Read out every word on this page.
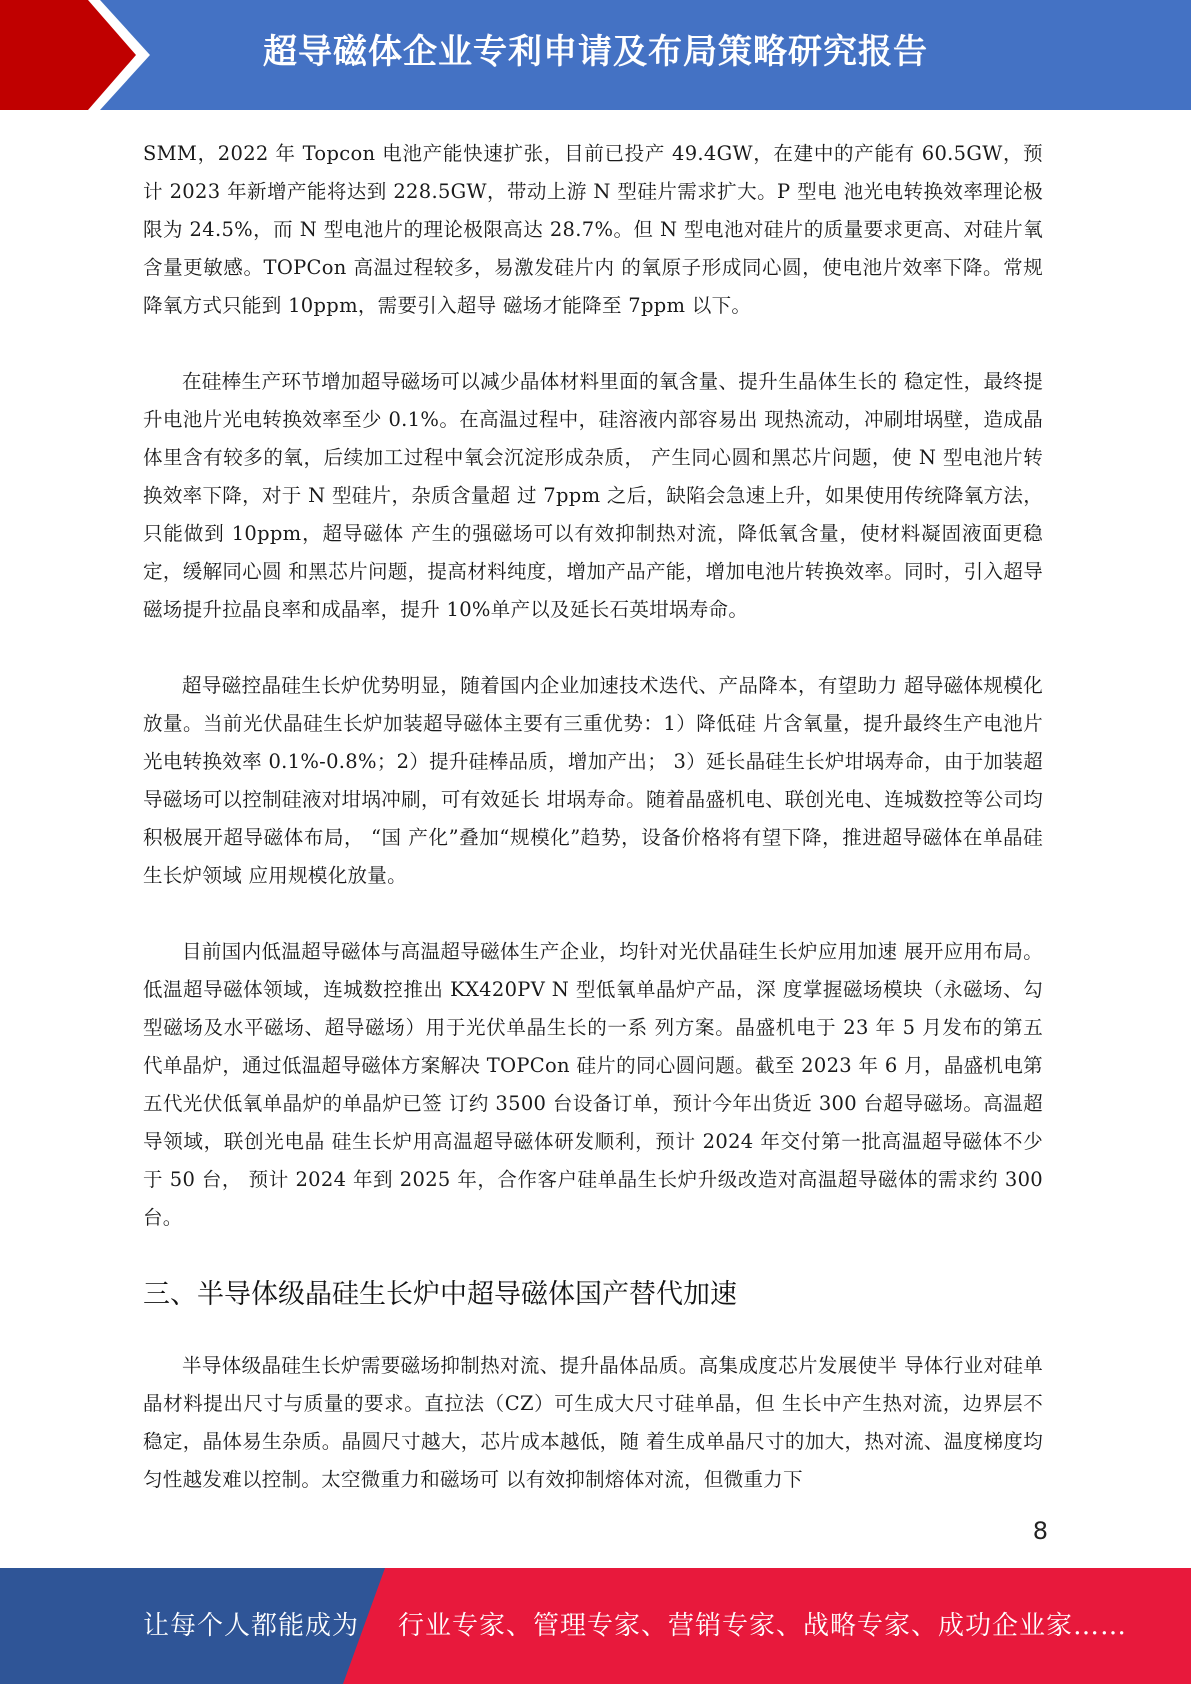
超导磁体企业专利申请及布局策略研究报告

SMM，2022 年 Topcon 电池产能快速扩张，目前已投产 49.4GW，在建中的产能有 60.5GW，预计 2023 年新增产能将达到 228.5GW，带动上游 N 型硅片需求扩大。P 型电 池光电转换效率理论极限为 24.5%，而 N 型电池片的理论极限高达 28.7%。但 N 型电池对硅片的质量要求更高、对硅片氧含量更敏感。TOPCon 高温过程较多，易激发硅片内 的氧原子形成同心圆，使电池片效率下降。常规降氧方式只能到 10ppm，需要引入超导 磁场才能降至 7ppm 以下。

在硅棒生产环节增加超导磁场可以减少晶体材料里面的氧含量、提升生晶体生长的 稳定性，最终提升电池片光电转换效率至少 0.1%。在高温过程中，硅溶液内部容易出 现热流动，冲刷坩埚壁，造成晶体里含有较多的氧，后续加工过程中氧会沉淀形成杂质， 产生同心圆和黑芯片问题，使 N 型电池片转换效率下降，对于 N 型硅片，杂质含量超 过 7ppm 之后，缺陷会急速上升，如果使用传统降氧方法，只能做到 10ppm，超导磁体 产生的强磁场可以有效抑制热对流，降低氧含量，使材料凝固液面更稳定，缓解同心圆 和黑芯片问题，提高材料纯度，增加产品产能，增加电池片转换效率。同时，引入超导 磁场提升拉晶良率和成晶率，提升 10%单产以及延长石英坩埚寿命。

超导磁控晶硅生长炉优势明显，随着国内企业加速技术迭代、产品降本，有望助力 超导磁体规模化放量。当前光伏晶硅生长炉加装超导磁体主要有三重优势：1）降低硅 片含氧量，提升最终生产电池片光电转换效率 0.1%-0.8%；2）提升硅棒品质，增加产出； 3）延长晶硅生长炉坩埚寿命，由于加装超导磁场可以控制硅液对坩埚冲刷，可有效延长 坩埚寿命。随着晶盛机电、联创光电、连城数控等公司均积极展开超导磁体布局， “国 产化”叠加“规模化”趋势，设备价格将有望下降，推进超导磁体在单晶硅生长炉领域 应用规模化放量。

目前国内低温超导磁体与高温超导磁体生产企业，均针对光伏晶硅生长炉应用加速 展开应用布局。低温超导磁体领域，连城数控推出 KX420PV N 型低氧单晶炉产品，深 度掌握磁场模块（永磁场、勾型磁场及水平磁场、超导磁场）用于光伏单晶生长的一系 列方案。晶盛机电于 23 年 5 月发布的第五代单晶炉，通过低温超导磁体方案解决 TOPCon 硅片的同心圆问题。截至 2023 年 6 月，晶盛机电第五代光伏低氧单晶炉的单晶炉已签 订约 3500 台设备订单，预计今年出货近 300 台超导磁场。高温超导领域，联创光电晶 硅生长炉用高温超导磁体研发顺利，预计 2024 年交付第一批高温超导磁体不少于 50 台， 预计 2024 年到 2025 年，合作客户硅单晶生长炉升级改造对高温超导磁体的需求约 300 台。

三、半导体级晶硅生长炉中超导磁体国产替代加速

半导体级晶硅生长炉需要磁场抑制热对流、提升晶体品质。高集成度芯片发展使半 导体行业对硅单晶材料提出尺寸与质量的要求。直拉法（CZ）可生成大尺寸硅单晶，但 生长中产生热对流，边界层不稳定，晶体易生杂质。晶圆尺寸越大，芯片成本越低，随 着生成单晶尺寸的加大，热对流、温度梯度均匀性越发难以控制。太空微重力和磁场可 以有效抑制熔体对流，但微重力下

8
让每个人都能成为 行业专家、管理专家、营销专家、战略专家、成功企业家……
